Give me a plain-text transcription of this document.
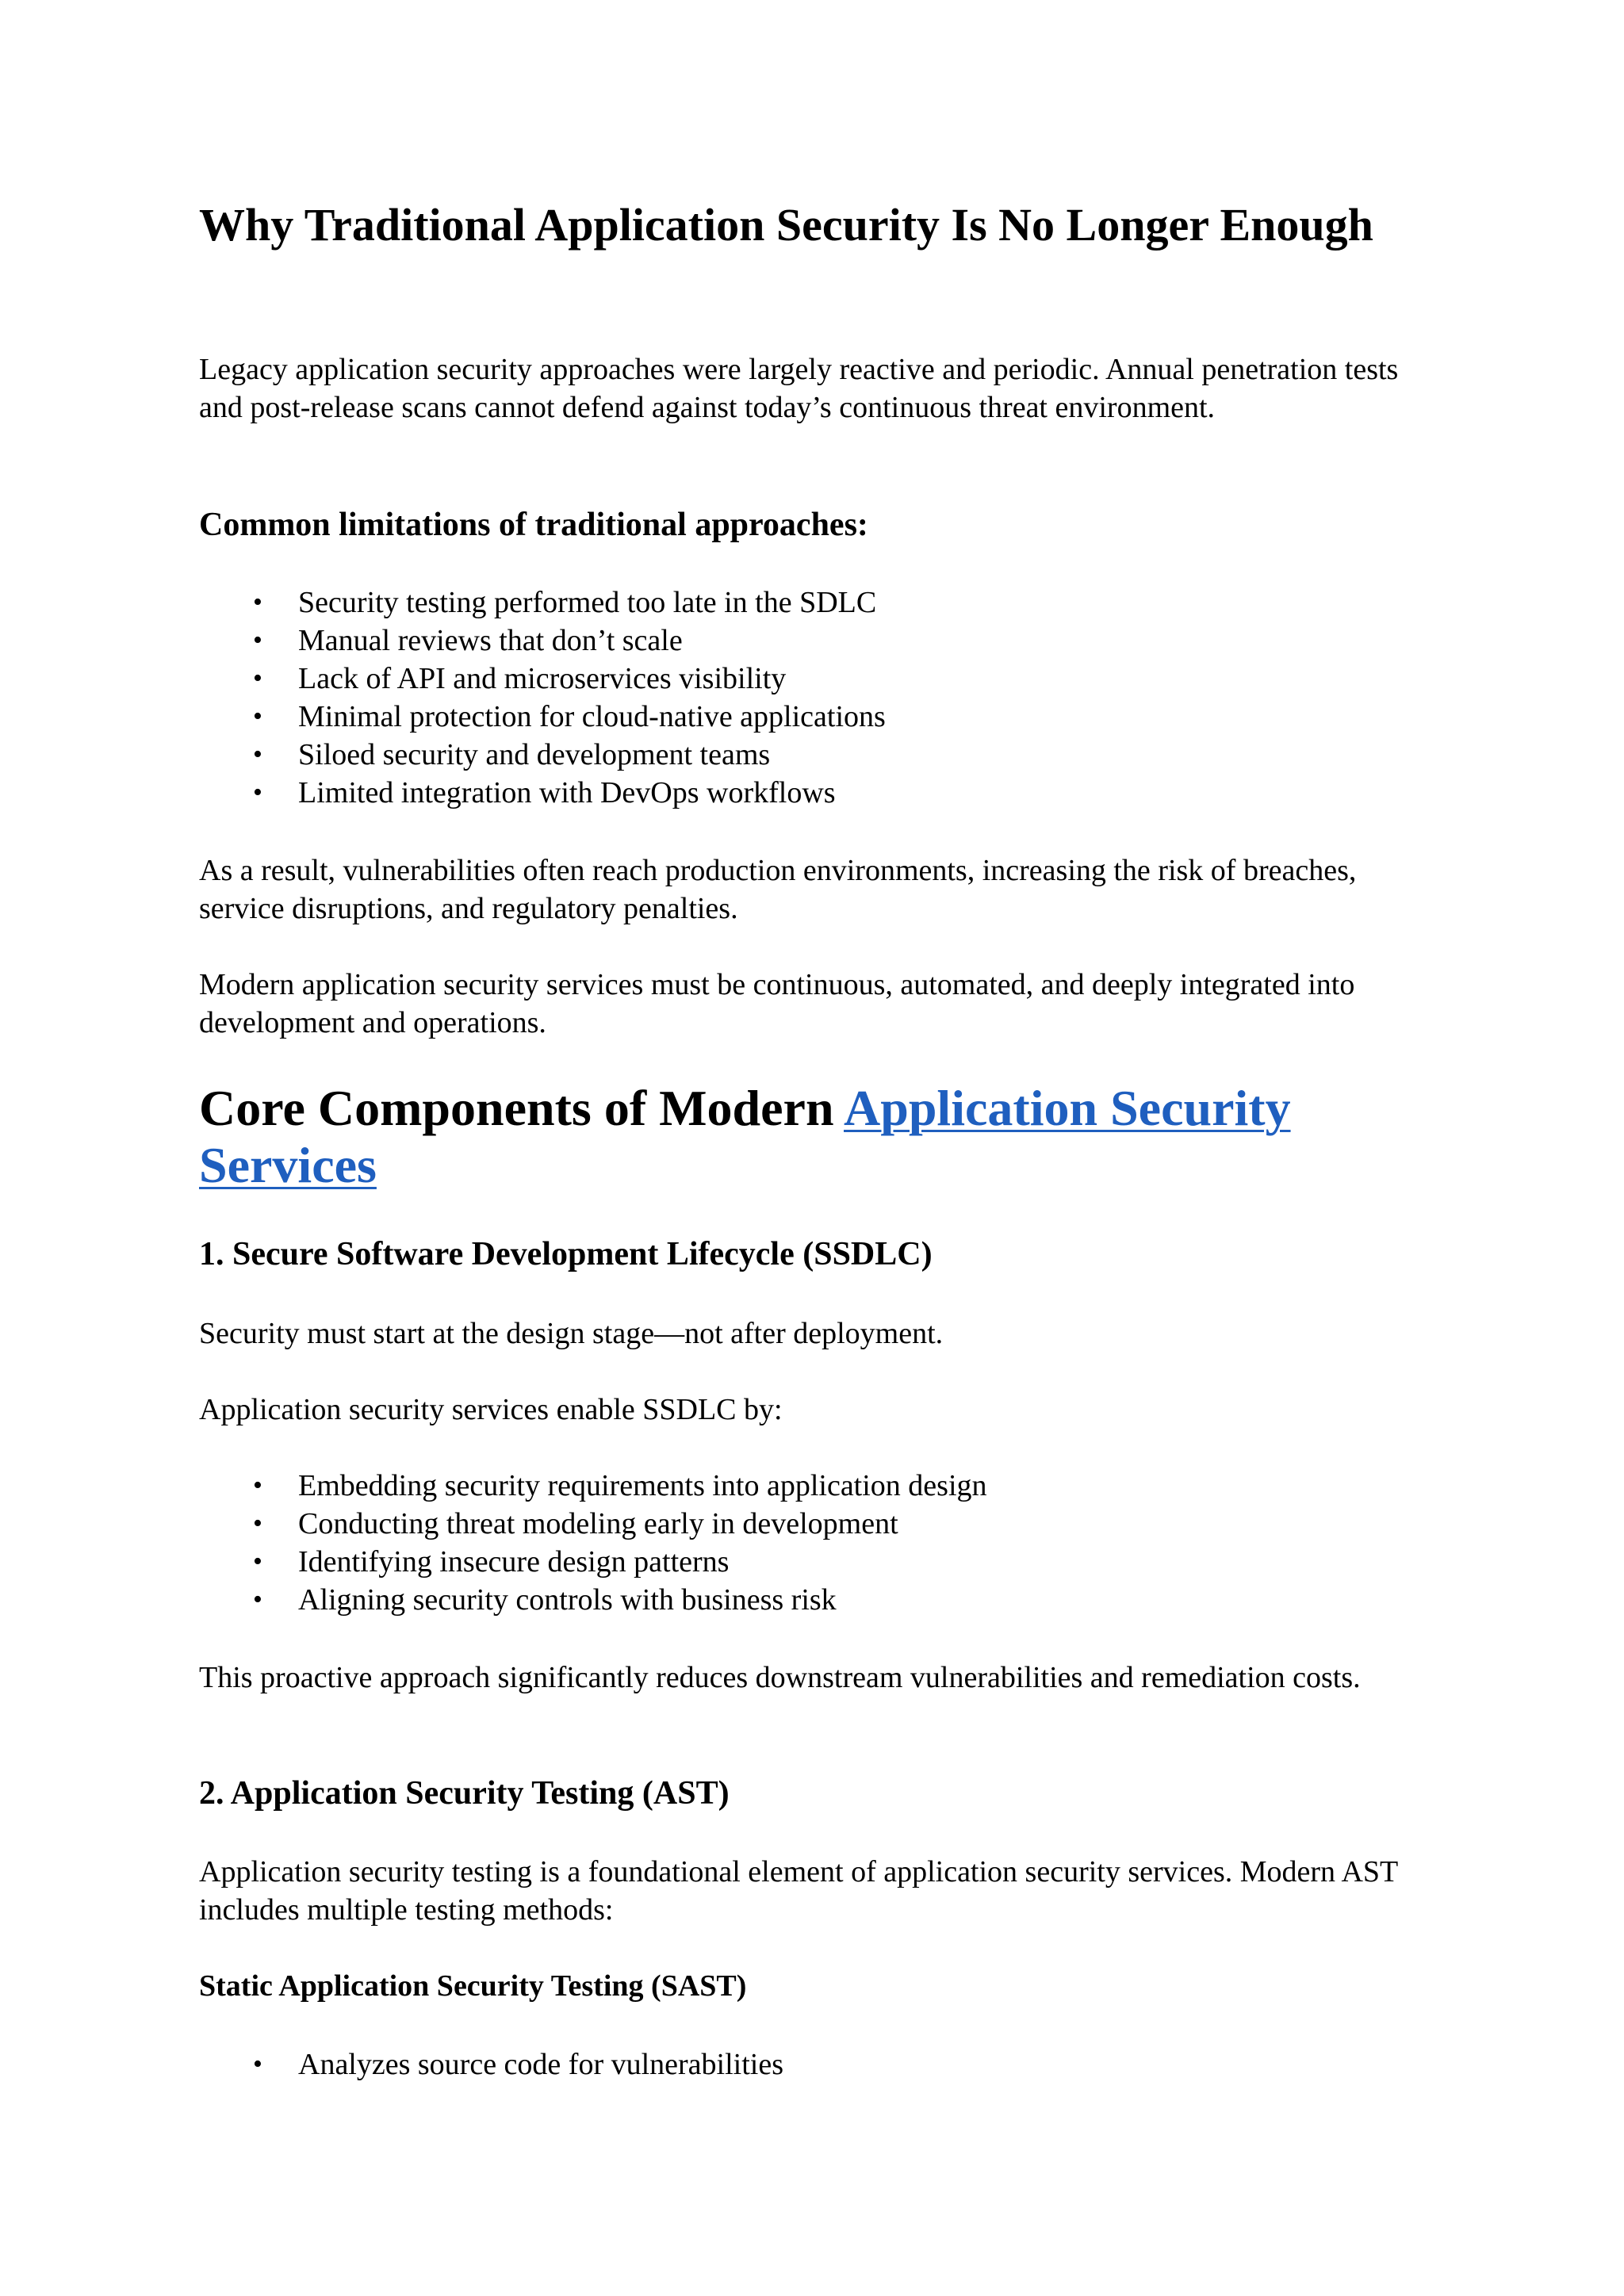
Why Traditional Application Security Is No Longer Enough

Legacy application security approaches were largely reactive and periodic. Annual penetration tests and post-release scans cannot defend against today’s continuous threat environment.

Common limitations of traditional approaches:
• Security testing performed too late in the SDLC
• Manual reviews that don’t scale
• Lack of API and microservices visibility
• Minimal protection for cloud-native applications
• Siloed security and development teams
• Limited integration with DevOps workflows

As a result, vulnerabilities often reach production environments, increasing the risk of breaches, service disruptions, and regulatory penalties.

Modern application security services must be continuous, automated, and deeply integrated into development and operations.

Core Components of Modern Application Security Services
1. Secure Software Development Lifecycle (SSDLC)

Security must start at the design stage—not after deployment.

Application security services enable SSDLC by:

• Embedding security requirements into application design
• Conducting threat modeling early in development
• Identifying insecure design patterns
• Aligning security controls with business risk

This proactive approach significantly reduces downstream vulnerabilities and remediation costs.

2. Application Security Testing (AST)

Application security testing is a foundational element of application security services. Modern AST includes multiple testing methods:

Static Application Security Testing (SAST)
• Analyzes source code for vulnerabilities
